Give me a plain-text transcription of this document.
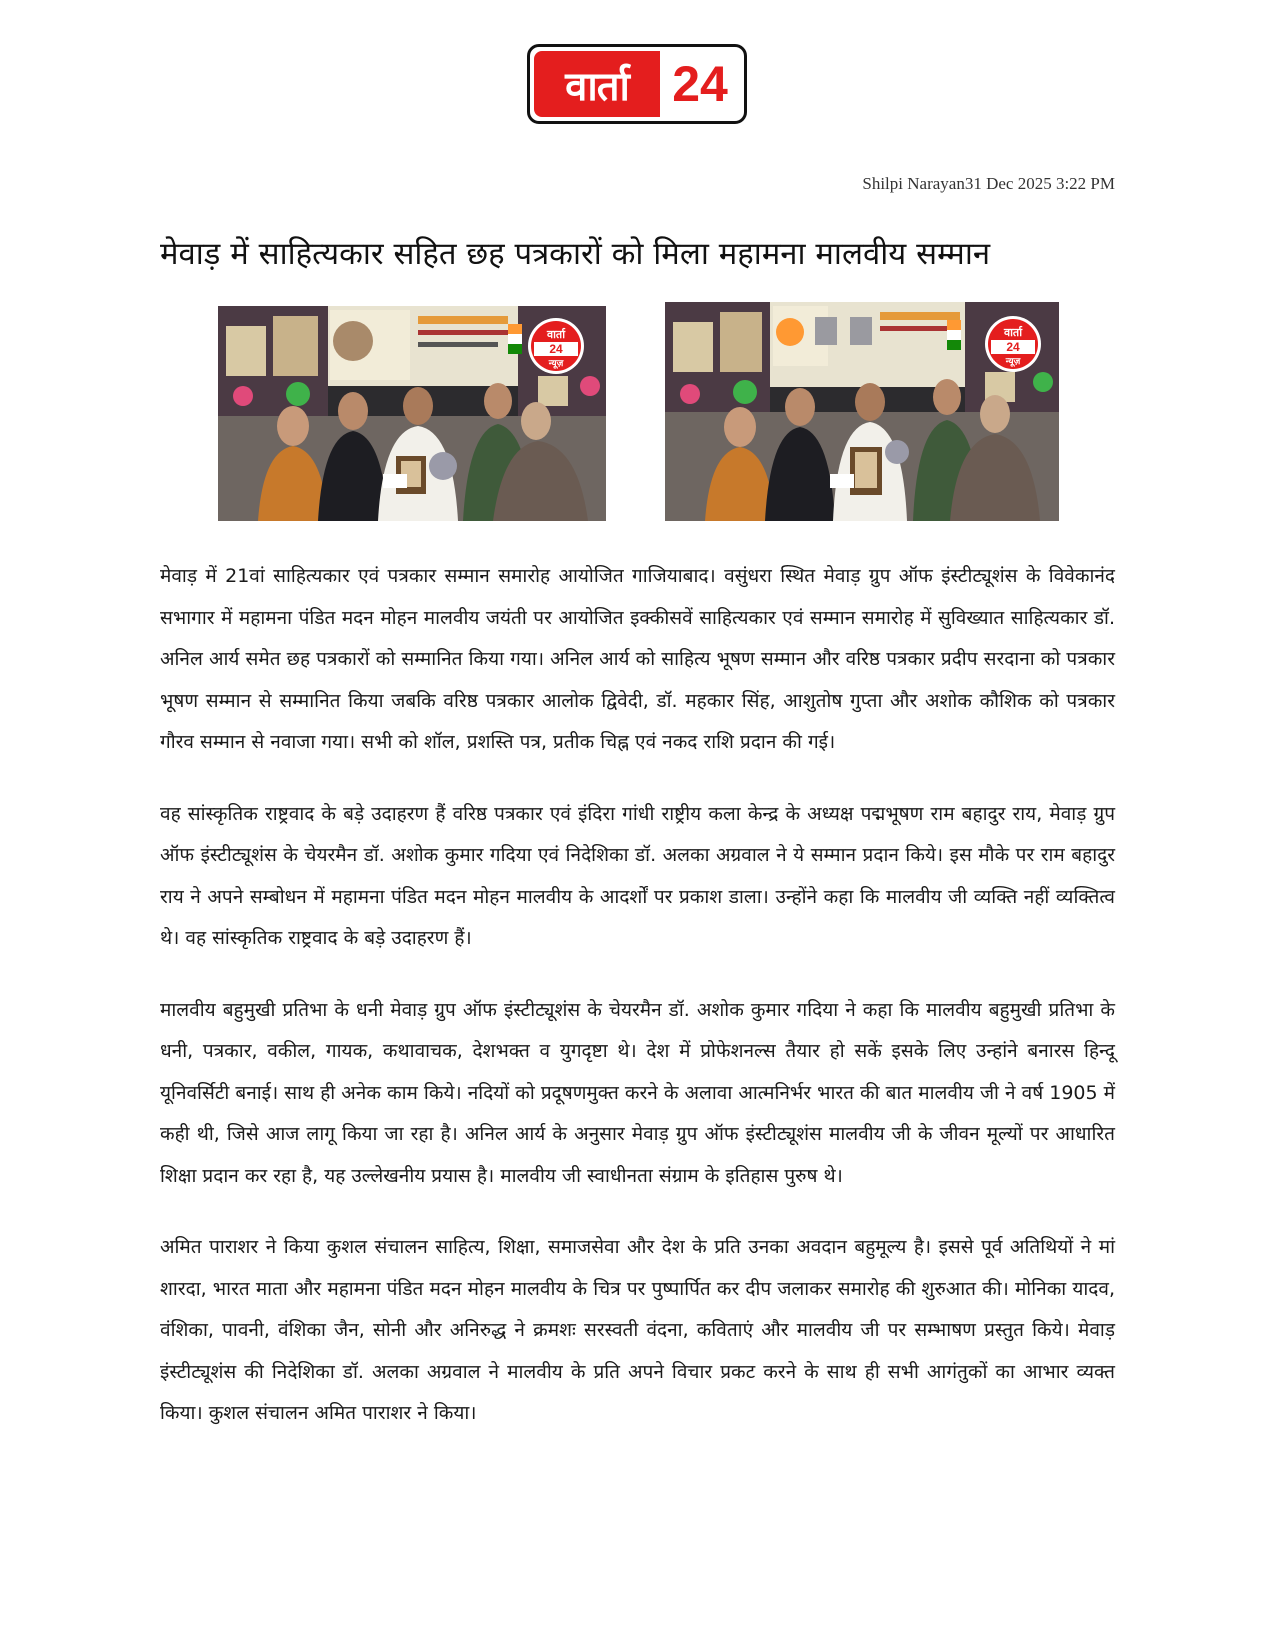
वार्ता 24
Shilpi Narayan 31 Dec 2025 3:22 PM
मेवाड़ में साहित्यकार सहित छह पत्रकारों को मिला महामना मालवीय सम्मान
वार्ता
24
न्यूज़
वार्ता
24
न्यूज़

मेवाड़ में 21वां साहित्यकार एवं पत्रकार सम्मान समारोह आयोजित गाजियाबाद। वसुंधरा स्थित मेवाड़ ग्रुप ऑफ इंस्टीट्यूशंस के विवेकानंद सभागार में महामना पंडित मदन मोहन मालवीय जयंती पर आयोजित इक्कीसवें साहित्यकार एवं सम्मान समारोह में सुविख्यात साहित्यकार डॉ. अनिल आर्य समेत छह पत्रकारों को सम्मानित किया गया। अनिल आर्य को साहित्य भूषण सम्मान और वरिष्ठ पत्रकार प्रदीप सरदाना को पत्रकार भूषण सम्मान से सम्मानित किया जबकि वरिष्ठ पत्रकार आलोक द्विवेदी, डॉ. महकार सिंह, आशुतोष गुप्ता और अशोक कौशिक को पत्रकार गौरव सम्मान से नवाजा गया। सभी को शॉल, प्रशस्ति पत्र, प्रतीक चिह्न एवं नकद राशि प्रदान की गई।

वह सांस्कृतिक राष्ट्रवाद के बड़े उदाहरण हैं वरिष्ठ पत्रकार एवं इंदिरा गांधी राष्ट्रीय कला केन्द्र के अध्यक्ष पद्मभूषण राम बहादुर राय, मेवाड़ ग्रुप ऑफ इंस्टीट्यूशंस के चेयरमैन डॉ. अशोक कुमार गदिया एवं निदेशिका डॉ. अलका अग्रवाल ने ये सम्मान प्रदान किये। इस मौके पर राम बहादुर राय ने अपने सम्बोधन में महामना पंडित मदन मोहन मालवीय के आदर्शों पर प्रकाश डाला। उन्होंने कहा कि मालवीय जी व्यक्ति नहीं व्यक्तित्व थे। वह सांस्कृतिक राष्ट्रवाद के बड़े उदाहरण हैं।

मालवीय बहुमुखी प्रतिभा के धनी मेवाड़ ग्रुप ऑफ इंस्टीट्यूशंस के चेयरमैन डॉ. अशोक कुमार गदिया ने कहा कि मालवीय बहुमुखी प्रतिभा के धनी, पत्रकार, वकील, गायक, कथावाचक, देशभक्त व युगदृष्टा थे। देश में प्रोफेशनल्स तैयार हो सकें इसके लिए उन्हांने बनारस हिन्दू यूनिवर्सिटी बनाई। साथ ही अनेक काम किये। नदियों को प्रदूषणमुक्त करने के अलावा आत्मनिर्भर भारत की बात मालवीय जी ने वर्ष 1905 में कही थी, जिसे आज लागू किया जा रहा है। अनिल आर्य के अनुसार मेवाड़ ग्रुप ऑफ इंस्टीट्यूशंस मालवीय जी के जीवन मूल्यों पर आधारित शिक्षा प्रदान कर रहा है, यह उल्लेखनीय प्रयास है। मालवीय जी स्वाधीनता संग्राम के इतिहास पुरुष थे।

अमित पाराशर ने किया कुशल संचालन साहित्य, शिक्षा, समाजसेवा और देश के प्रति उनका अवदान बहुमूल्य है। इससे पूर्व अतिथियों ने मां शारदा, भारत माता और महामना पंडित मदन मोहन मालवीय के चित्र पर पुष्पार्पित कर दीप जलाकर समारोह की शुरुआत की। मोनिका यादव, वंशिका, पावनी, वंशिका जैन, सोनी और अनिरुद्ध ने क्रमशः सरस्वती वंदना, कविताएं और मालवीय जी पर सम्भाषण प्रस्तुत किये। मेवाड़ इंस्टीट्यूशंस की निदेशिका डॉ. अलका अग्रवाल ने मालवीय के प्रति अपने विचार प्रकट करने के साथ ही सभी आगंतुकों का आभार व्यक्त किया। कुशल संचालन अमित पाराशर ने किया।
